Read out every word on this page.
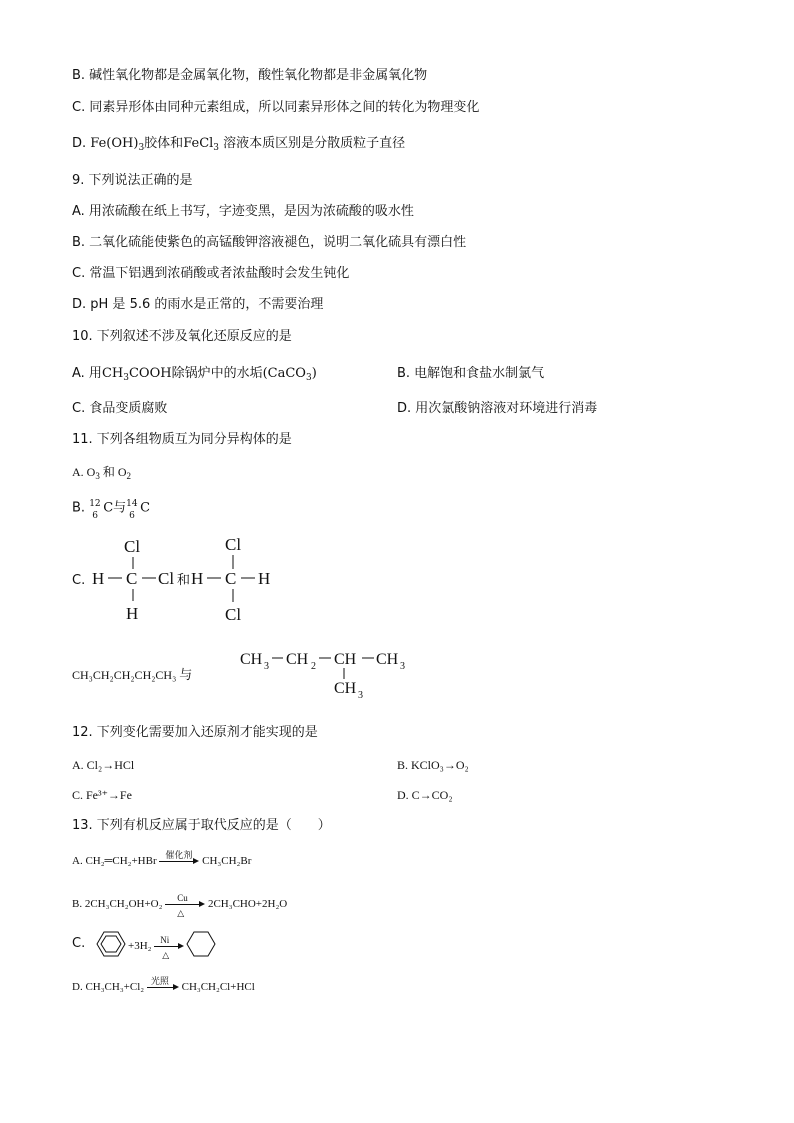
B. 碱性氧化物都是金属氧化物，酸性氧化物都是非金属氧化物
C. 同素异形体由同种元素组成，所以同素异形体之间的转化为物理变化
D. $Fe(OH)_3$胶体和FeCl$_3$ 溶液本质区别是分散质粒子直径
9. 下列说法正确的是
A. 用浓硫酸在纸上书写，字迹变黑，是因为浓硫酸的吸水性
B. 二氧化硫能使紫色的高锰酸钾溶液褪色，说明二氧化硫具有漂白性
C. 常温下铝遇到浓硝酸或者浓盐酸时会发生钝化
D. pH 是 5.6 的雨水是正常的，不需要治理
10. 下列叙述不涉及氧化还原反应的是
A. 用$CH_3COOH$除锅炉中的水垢(CaCO$_3$)	B. 电解饱和食盐水制氯气
C. 食品变质腐败	D. 用次氯酸钠溶液对环境进行消毒
11. 下列各组物质互为同分异构体的是
A. $O_3$ 和 $O_2$
B. 12
6
C与 14
6
C
C.
Cl
H C Cl 和 H C H
H
Cl
Cl
CH₃CH₂CH₂CH₂CH₃ 与
CH 3 CH 2 CH CH 3
CH 3
12. 下列变化需要加入还原剂才能实现的是
A. Cl₂→HCl	B. KClO₃→O₂
C. Fe³⁺→Fe	D. C→CO₂
13. 下列有机反应属于取代反应的是（　　）
A. CH₂═CH₂+HBr 催化剂 CH₃CH₂Br
B. 2CH₃CH₂OH+O₂ Cu
△
2CH₃CHO+2H₂O
C.	+3H₂ Ni
△
D. CH₃CH₃+Cl₂ 光照 CH₃CH₂Cl+HCl
